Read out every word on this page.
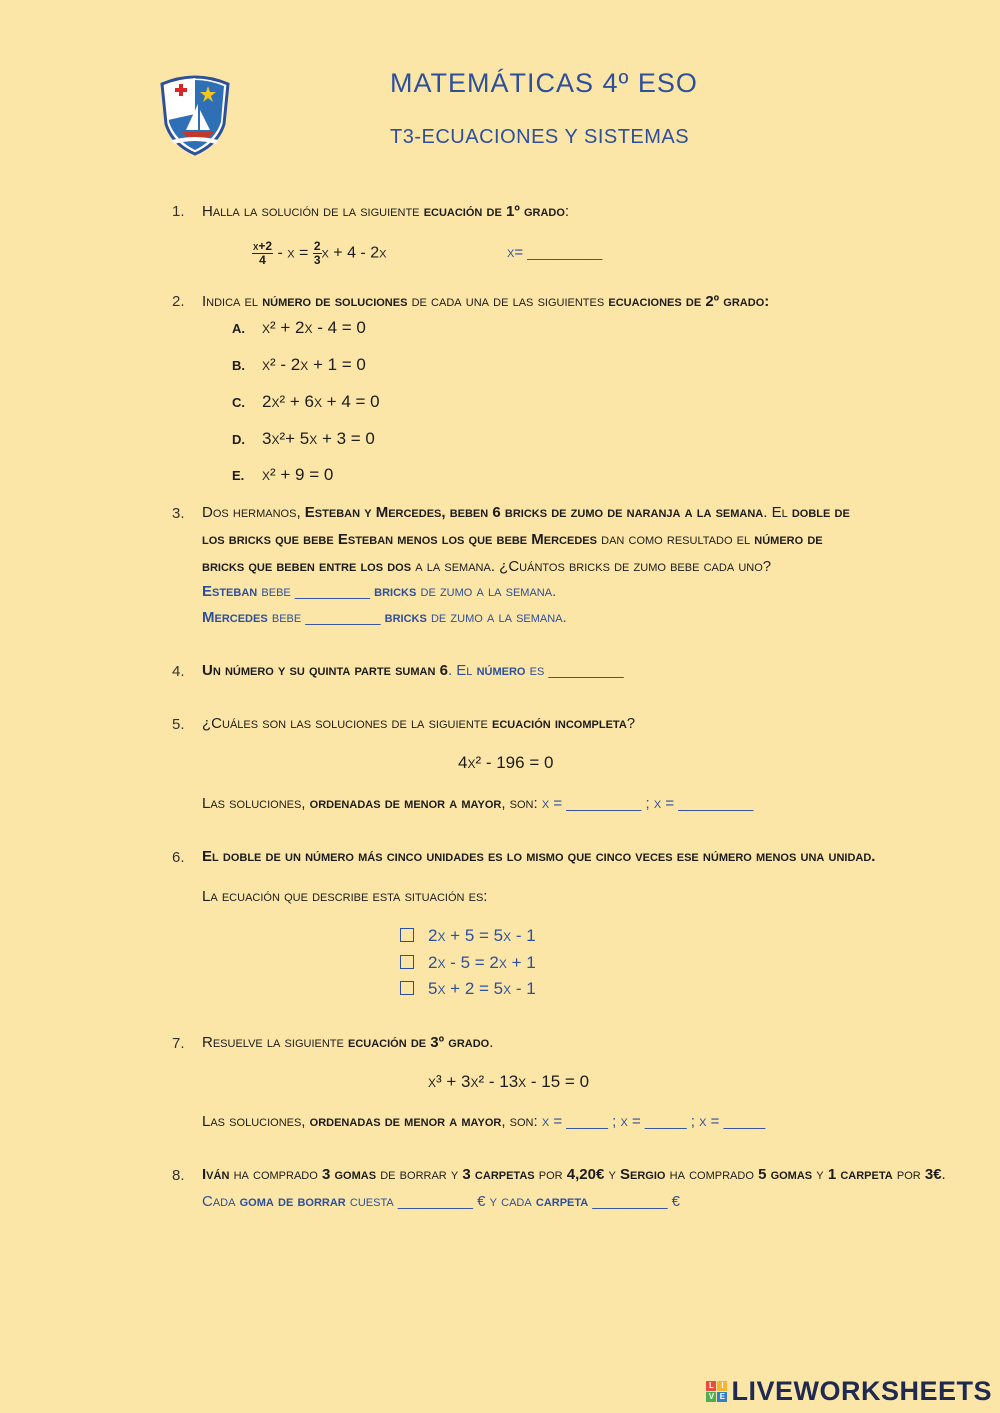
MATEMÁTICAS 4º ESO
T3-ECUACIONES Y SISTEMAS
1. Halla la solución de la siguiente ecuación de 1º grado:
$\frac{x+2}{4} - x = \frac{2}{3}$ x + 4 - 2x	x= _________
2. Indica el número de soluciones de cada una de las siguientes ecuaciones de 2º grado:
A. x² + 2x - 4 = 0
B. x² - 2x + 1 = 0
C. 2x² + 6x + 4 = 0
D. 3x²+ 5x + 3 = 0
E. x² + 9 = 0
3. Dos hermanos, Esteban y Mercedes, beben 6 bricks de zumo de naranja a la semana. El doble de los bricks que bebe Esteban menos los que bebe Mercedes dan como resultado el número de bricks que beben entre los dos a la semana. ¿Cuántos bricks de zumo bebe cada uno?
Esteban bebe _________ bricks de zumo a la semana.
Mercedes bebe _________ bricks de zumo a la semana.
4. Un número y su quinta parte suman 6. El número es _________
5. ¿Cuáles son las soluciones de la siguiente ecuación incompleta?
4x² - 196 = 0
Las soluciones, ordenadas de menor a mayor, son: x = _________ ; x = _________
6. El doble de un número más cinco unidades es lo mismo que cinco veces ese número menos una unidad.
La ecuación que describe esta situación es:
2x + 5 = 5x - 1
2x - 5 = 2x + 1
5x + 2 = 5x - 1
7. Resuelve la siguiente ecuación de 3º grado.
x³ + 3x² - 13x - 15 = 0
Las soluciones, ordenadas de menor a mayor, son: x = _____ ; x = _____ ; x = _____
8. Iván ha comprado 3 gomas de borrar y 3 carpetas por 4,20€ y Sergio ha comprado 5 gomas y 1 carpeta por 3€.
Cada goma de borrar cuesta _________ € y cada carpeta _________ €
L I
V E LIVEWORKSHEETS
